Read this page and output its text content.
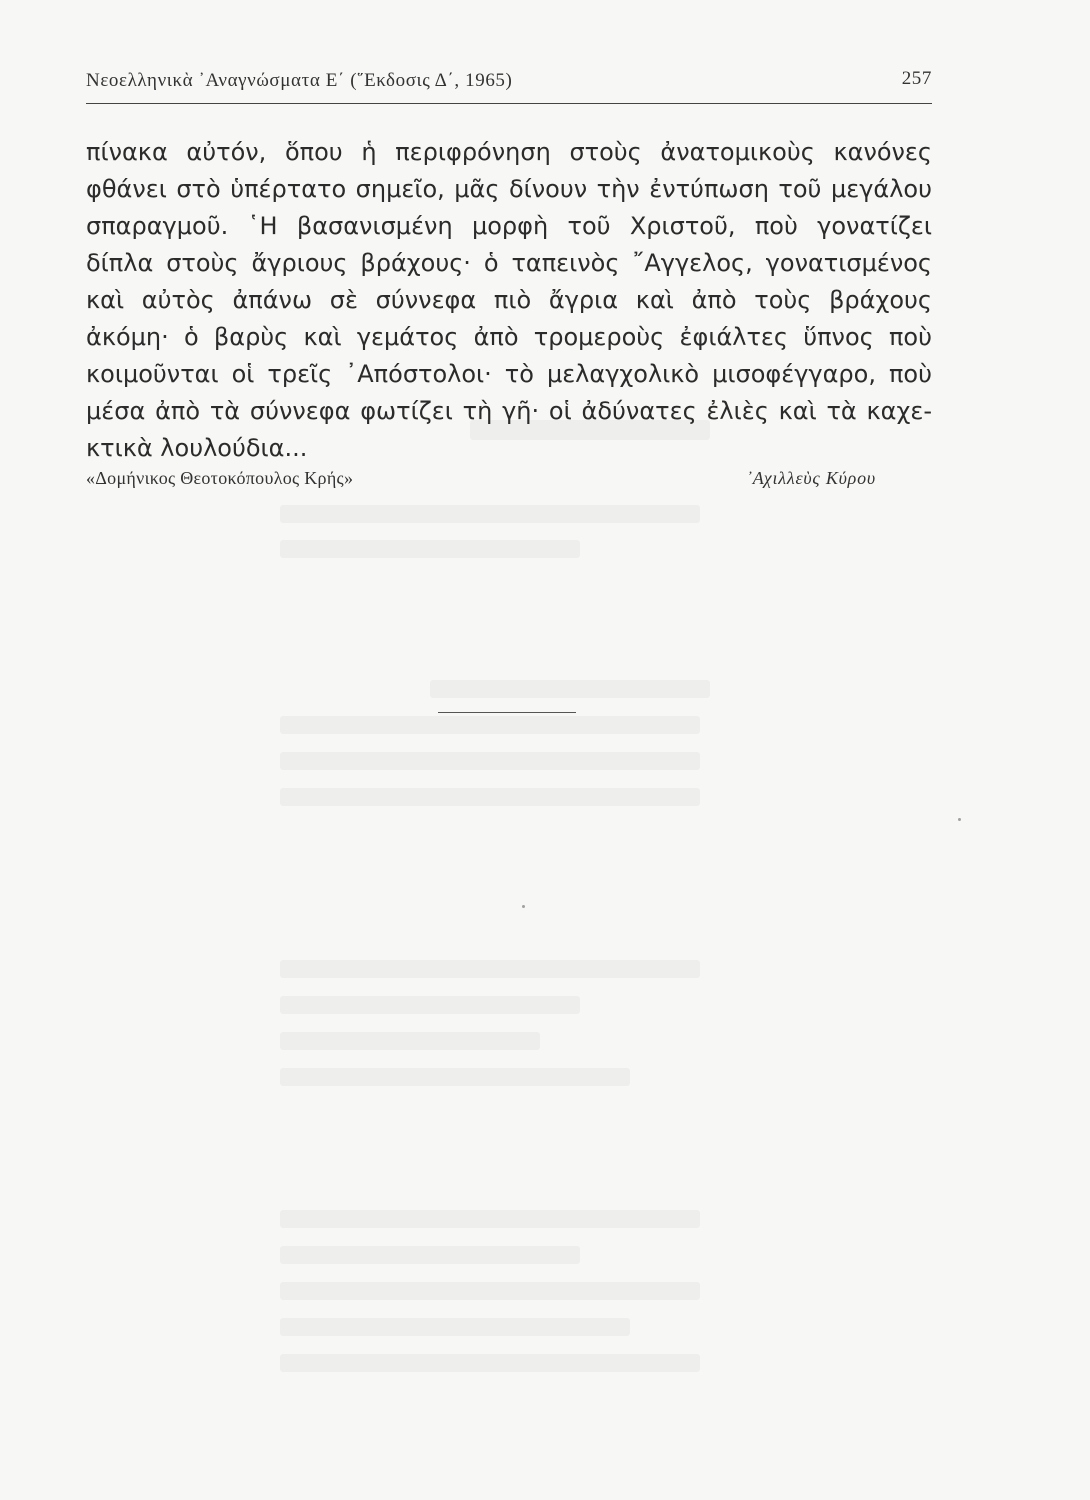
Νεοελληνικὰ ᾽Αναγνώσματα Ε΄ (῞Εκδοσις Δ΄, 1965)	257
πίνακα αὐτόν, ὅπου ἡ περιφρόνηση στοὺς ἀνατομικοὺς κανόνες
φθάνει στὸ ὑπέρτατο σημεῖο, μᾶς δίνουν τὴν ἐντύπωση τοῦ μεγάλου
σπαραγμοῦ. ῾Η βασανισμένη μορφὴ τοῦ Χριστοῦ, ποὺ γονατίζει
δίπλα στοὺς ἄγριους βράχους· ὁ ταπεινὸς ῎Αγγελος, γονατισμένος
καὶ αὐτὸς ἀπάνω σὲ σύννεφα πιὸ ἄγρια καὶ ἀπὸ τοὺς βράχους
ἀκόμη· ὁ βαρὺς καὶ γεμάτος ἀπὸ τρομεροὺς ἐφιάλτες ὕπνος ποὺ
κοιμοῦνται οἱ τρεῖς ᾽Απόστολοι· τὸ μελαγχολικὸ μισοφέγγαρο, ποὺ
μέσα ἀπὸ τὰ σύννεφα φωτίζει τὴ γῆ· οἱ ἀδύνατες ἐλιὲς καὶ τὰ καχε-
κτικὰ λουλούδια...
«Δομήνικος Θεοτοκόπουλος Κρής»	᾽Αχιλλεὺς Κύρου
